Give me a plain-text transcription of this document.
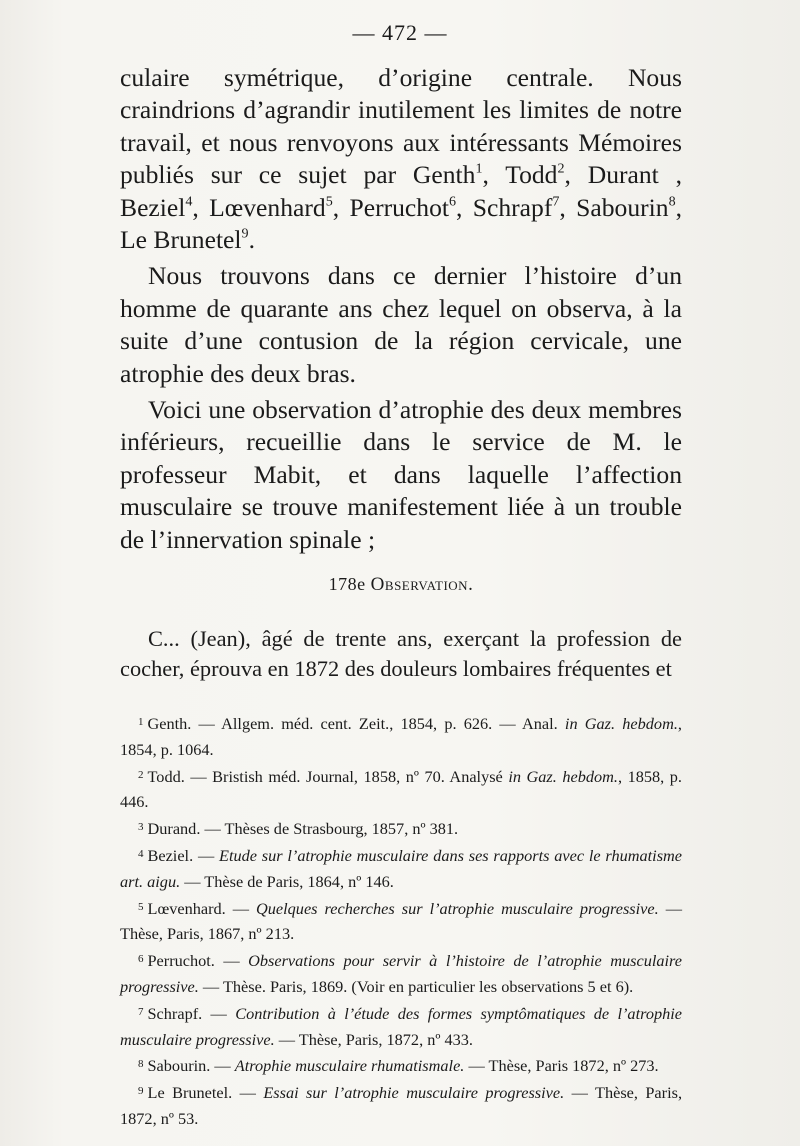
— 472 —

culaire symétrique, d’origine centrale. Nous craindrions d’agrandir inutilement les limites de notre travail, et nous renvoyons aux intéressants Mémoires publiés sur ce sujet par Genth$^1$, Todd$^2$, Durant , Beziel$^4$, Lœvenhard$^5$, Perruchot$^6$, Schrapf$^7$, Sabourin$^8$, Le Brunetel$^9$.

Nous trouvons dans ce dernier l’histoire d’un homme de quarante ans chez lequel on observa, à la suite d’une contusion de la région cervicale, une atrophie des deux bras.

Voici une observation d’atrophie des deux membres inférieurs, recueillie dans le service de M. le professeur Mabit, et dans laquelle l’affection musculaire se trouve manifestement liée à un trouble de l’innervation spinale ;

178e Observation.

C... (Jean), âgé de trente ans, exerçant la profession de cocher, éprouva en 1872 des douleurs lombaires fréquentes et

$^1$ Genth. — Allgem. méd. cent. Zeit., 1854, p. 626. — Anal. in Gaz. hebdom., 1854, p. 1064.

$^2$ Todd. — Bristish méd. Journal, 1858, nº 70. Analysé in Gaz. hebdom., 1858, p. 446.

$^3$ Durand. — Thèses de Strasbourg, 1857, nº 381.

$^4$ Beziel. — Etude sur l’atrophie musculaire dans ses rapports avec le rhumatisme art. aigu. — Thèse de Paris, 1864, nº 146.

$^5$ Lœvenhard. — Quelques recherches sur l’atrophie musculaire progressive. — Thèse, Paris, 1867, nº 213.

$^6$ Perruchot. — Observations pour servir à l’histoire de l’atrophie musculaire progressive. — Thèse. Paris, 1869. (Voir en particulier les observations 5 et 6).

$^7$ Schrapf. — Contribution à l’étude des formes symptômatiques de l’atrophie musculaire progressive. — Thèse, Paris, 1872, nº 433.

$^8$ Sabourin. — Atrophie musculaire rhumatismale. — Thèse, Paris 1872, nº 273.

$^9$ Le Brunetel. — Essai sur l’atrophie musculaire progressive. — Thèse, Paris, 1872, nº 53.
